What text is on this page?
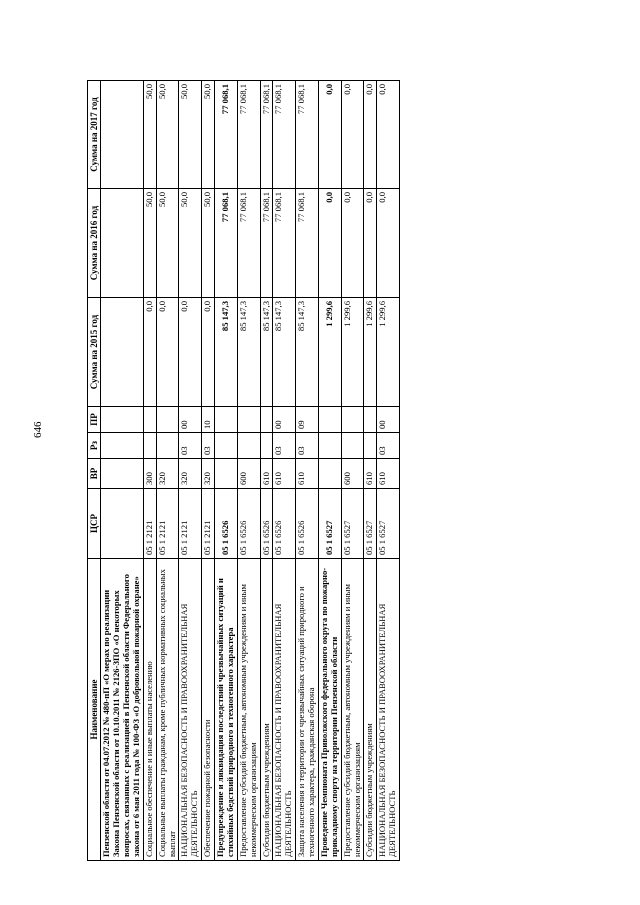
646
Наименование	ЦСР	ВР	Рз	ПР	Сумма на 2015 год	Сумма на 2016 год	Сумма на 2017 год
Пензенской области от 04.07.2012 № 480-пП «О мерах по реализации Закона Пензенской области от 10.10.2011 № 2126-ЗПО «О некоторых вопросах, связанных с реализацией в Пензенской области Федерального закона от 6 мая 2011 года № 100-ФЗ «О добровольной пожарной охране»							
Социальное обеспечение и иные выплаты населению	05 1 2121	300			0,0	50,0	50,0
Социальные выплаты гражданам, кроме публичных нормативных социальных выплат	05 1 2121	320			0,0	50,0	50,0
НАЦИОНАЛЬНАЯ БЕЗОПАСНОСТЬ И ПРАВООХРАНИТЕЛЬНАЯ ДЕЯТЕЛЬНОСТЬ	05 1 2121	320	03	00	0,0	50,0	50,0
Обеспечение пожарной безопасности	05 1 2121	320	03	10	0,0	50,0	50,0
Предупреждение и ликвидация последствий чрезвычайных ситуаций и стихийных бедствий природного и техногенного характера	05 1 6526				85 147,3	77 068,1	77 068,1
Предоставление субсидий бюджетным, автономным учреждениям и иным некоммерческим организациям	05 1 6526	600			85 147,3	77 068,1	77 068,1
Субсидии бюджетным учреждениям	05 1 6526	610			85 147,3	77 068,1	77 068,1
НАЦИОНАЛЬНАЯ БЕЗОПАСНОСТЬ И ПРАВООХРАНИТЕЛЬНАЯ ДЕЯТЕЛЬНОСТЬ	05 1 6526	610	03	00	85 147,3	77 068,1	77 068,1
Защита населения и территории от чрезвычайных ситуаций природного и техногенного характера, гражданская оборона	05 1 6526	610	03	09	85 147,3	77 068,1	77 068,1
Проведение Чемпионата Приволжского федерального округа по пожарно-прикладному спорту на территории Пензенской области	05 1 6527				1 299,6	0,0	0,0
Предоставление субсидий бюджетным, автономным учреждениям и иным некоммерческим организациям	05 1 6527	600			1 299,6	0,0	0,0
Субсидии бюджетным учреждениям	05 1 6527	610			1 299,6	0,0	0,0
НАЦИОНАЛЬНАЯ БЕЗОПАСНОСТЬ И ПРАВООХРАНИТЕЛЬНАЯ ДЕЯТЕЛЬНОСТЬ	05 1 6527	610	03	00	1 299,6	0,0	0,0
